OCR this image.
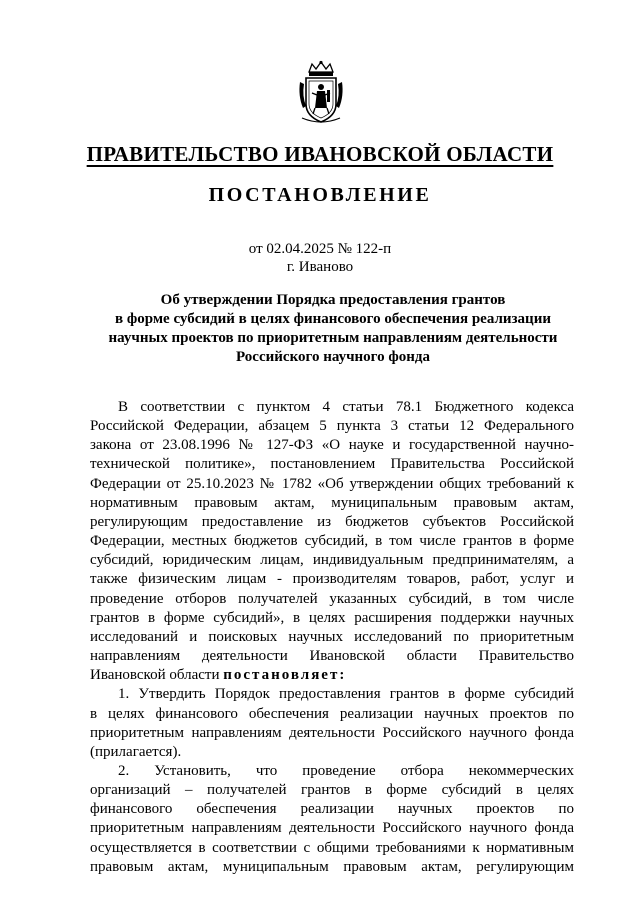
ПРАВИТЕЛЬСТВО ИВАНОВСКОЙ ОБЛАСТИ
ПОСТАНОВЛЕНИЕ
от 02.04.2025 № 122-п
г. Иваново
Об утверждении Порядка предоставления грантов
в форме субсидий в целях финансового обеспечения реализации
научных проектов по приоритетным направлениям деятельности
Российского научного фонда

В соответствии с пунктом 4 статьи 78.1 Бюджетного кодекса

Российской Федерации, абзацем 5 пункта 3 статьи 12 Федерального

закона от 23.08.1996 № 127-ФЗ «О науке и государственной научно-

технической политике», постановлением Правительства Российской

Федерации от 25.10.2023 № 1782 «Об утверждении общих требований к

нормативным правовым актам, муниципальным правовым актам,

регулирующим предоставление из бюджетов субъектов Российской

Федерации, местных бюджетов субсидий, в том числе грантов в форме

субсидий, юридическим лицам, индивидуальным предпринимателям, а

также физическим лицам - производителям товаров, работ, услуг и

проведение отборов получателей указанных субсидий, в том числе

грантов в форме субсидий», в целях расширения поддержки научных

исследований и поисковых научных исследований по приоритетным

направлениям деятельности Ивановской области Правительство

Ивановской области постановляет:

1. Утвердить Порядок предоставления грантов в форме субсидий

в целях финансового обеспечения реализации научных проектов по

приоритетным направлениям деятельности Российского научного фонда

(прилагается).

2. Установить, что проведение отбора некоммерческих

организаций – получателей грантов в форме субсидий в целях

финансового обеспечения реализации научных проектов по

приоритетным направлениям деятельности Российского научного фонда

осуществляется в соответствии с общими требованиями к нормативным

правовым актам, муниципальным правовым актам, регулирующим
